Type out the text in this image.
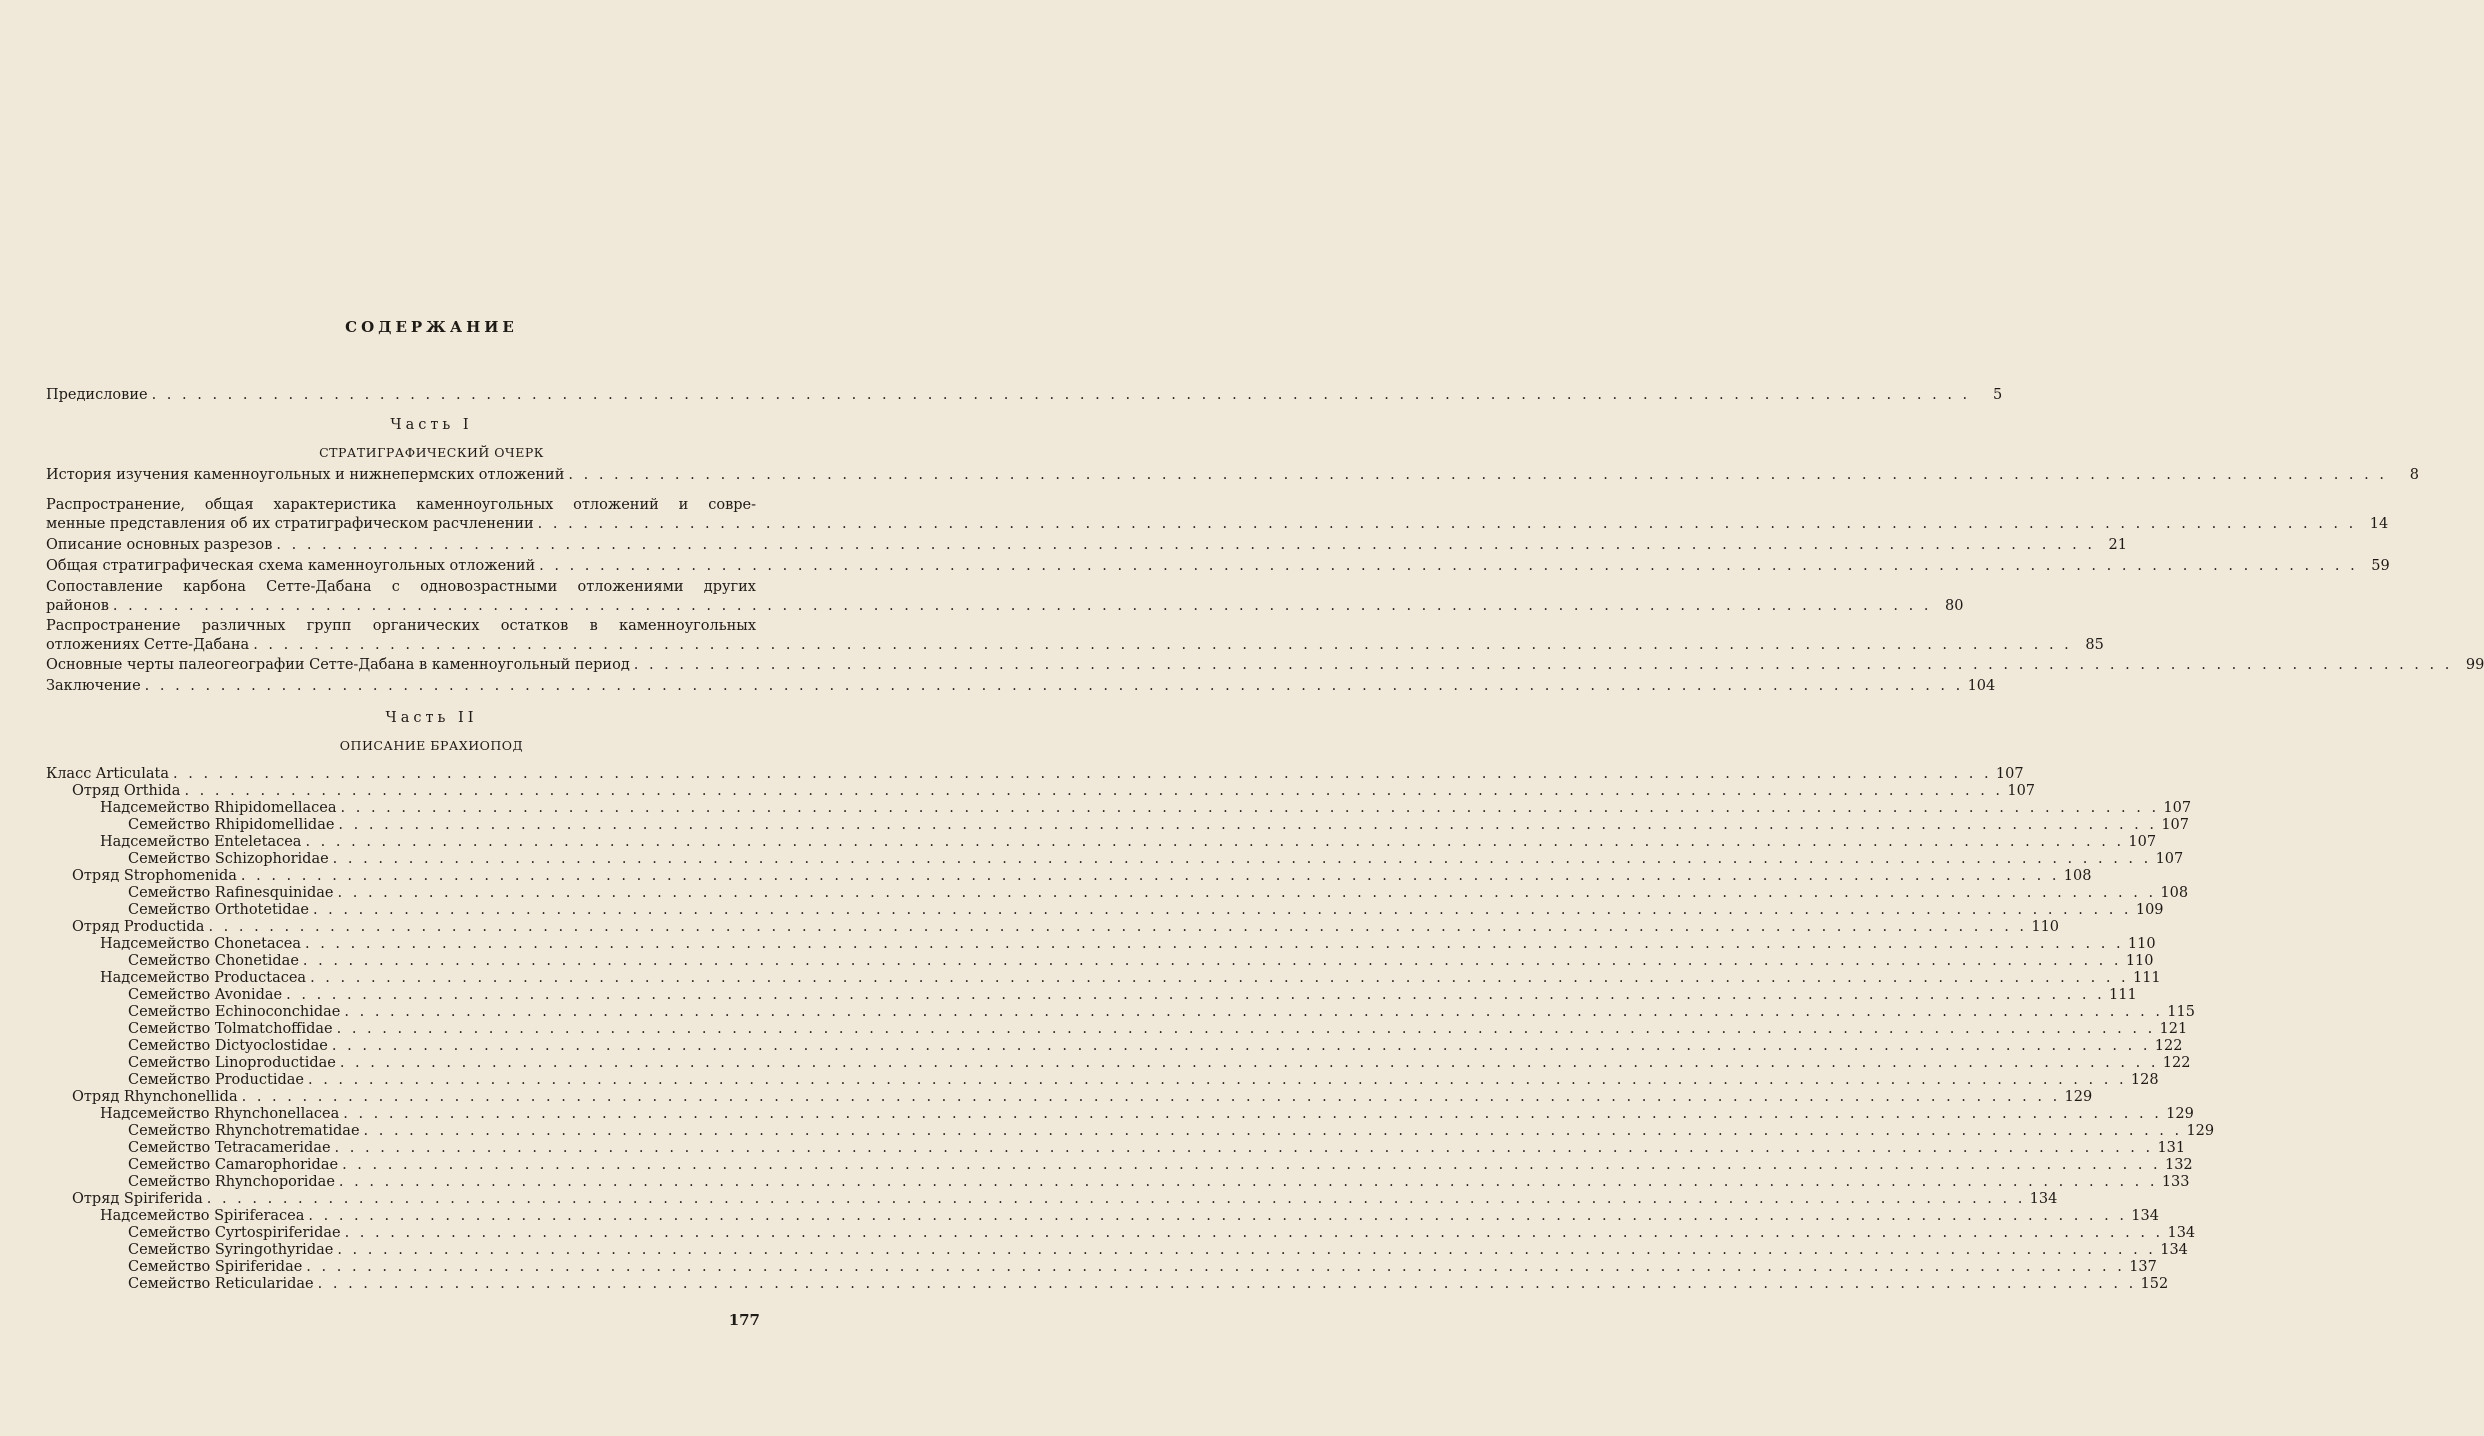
СОДЕРЖАНИЕ
Предисловие . . . . . . . . . . . . . . . . . . . . . . . . . . . . . . . . . . . . . . . . . . . . . . . . . . . . . . . . . . . . . . . . . . . . . . . . . . . . . . . . . . . . . . . . . . . . . . . . . . . . . . . . . . . . . . . . . . . . . . . .	5
Часть I
СТРАТИГРАФИЧЕСКИЙ ОЧЕРК
История изучения каменноугольных и нижнепермских отложений . . . . . . . . . . . . . . . . . . . . . . . . . . . . . . . . . . . . . . . . . . . . . . . . . . . . . . . . . . . . . . . . . . . . . . . . . . . . . . . . . . . . . . . . . . . . . . . . . . . . . . . . . . . . . . . . . . . . . . . .	8
Распространение, общая характеристика каменноугольных отложений и совре-
менные представления об их стратиграфическом расчленении . . . . . . . . . . . . . . . . . . . . . . . . . . . . . . . . . . . . . . . . . . . . . . . . . . . . . . . . . . . . . . . . . . . . . . . . . . . . . . . . . . . . . . . . . . . . . . . . . . . . . . . . . . . . . . . . . . . . . . . . 14
Описание основных разрезов . . . . . . . . . . . . . . . . . . . . . . . . . . . . . . . . . . . . . . . . . . . . . . . . . . . . . . . . . . . . . . . . . . . . . . . . . . . . . . . . . . . . . . . . . . . . . . . . . . . . . . . . . . . . . . . . . . . . . . . . 21
Общая стратиграфическая схема каменноугольных отложений . . . . . . . . . . . . . . . . . . . . . . . . . . . . . . . . . . . . . . . . . . . . . . . . . . . . . . . . . . . . . . . . . . . . . . . . . . . . . . . . . . . . . . . . . . . . . . . . . . . . . . . . . . . . . . . . . . . . . . . . 59
Сопоставление карбона Сетте-Дабана с одновозрастными отложениями других
районов . . . . . . . . . . . . . . . . . . . . . . . . . . . . . . . . . . . . . . . . . . . . . . . . . . . . . . . . . . . . . . . . . . . . . . . . . . . . . . . . . . . . . . . . . . . . . . . . . . . . . . . . . . . . . . . . . . . . . . . . 80
Распространение различных групп органических остатков в каменноугольных
отложениях Сетте-Дабана . . . . . . . . . . . . . . . . . . . . . . . . . . . . . . . . . . . . . . . . . . . . . . . . . . . . . . . . . . . . . . . . . . . . . . . . . . . . . . . . . . . . . . . . . . . . . . . . . . . . . . . . . . . . . . . . . . . . . . . . 85
Основные черты палеогеографии Сетте-Дабана в каменноугольный период . . . . . . . . . . . . . . . . . . . . . . . . . . . . . . . . . . . . . . . . . . . . . . . . . . . . . . . . . . . . . . . . . . . . . . . . . . . . . . . . . . . . . . . . . . . . . . . . . . . . . . . . . . . . . . . . . . . . . . . . 99
Заключение . . . . . . . . . . . . . . . . . . . . . . . . . . . . . . . . . . . . . . . . . . . . . . . . . . . . . . . . . . . . . . . . . . . . . . . . . . . . . . . . . . . . . . . . . . . . . . . . . . . . . . . . . . . . . . . . . . . . . . . . 104
Часть II
ОПИСАНИЕ БРАХИОПОД
Класс Articulata . . . . . . . . . . . . . . . . . . . . . . . . . . . . . . . . . . . . . . . . . . . . . . . . . . . . . . . . . . . . . . . . . . . . . . . . . . . . . . . . . . . . . . . . . . . . . . . . . . . . . . . . . . . . . . . . . . . . . . . . 107
Отряд Orthida . . . . . . . . . . . . . . . . . . . . . . . . . . . . . . . . . . . . . . . . . . . . . . . . . . . . . . . . . . . . . . . . . . . . . . . . . . . . . . . . . . . . . . . . . . . . . . . . . . . . . . . . . . . . . . . . . . . . . . . . 107
Надсемейство Rhipidomellacea . . . . . . . . . . . . . . . . . . . . . . . . . . . . . . . . . . . . . . . . . . . . . . . . . . . . . . . . . . . . . . . . . . . . . . . . . . . . . . . . . . . . . . . . . . . . . . . . . . . . . . . . . . . . . . . . . . . . . . . . 107
Семейство Rhipidomellidae . . . . . . . . . . . . . . . . . . . . . . . . . . . . . . . . . . . . . . . . . . . . . . . . . . . . . . . . . . . . . . . . . . . . . . . . . . . . . . . . . . . . . . . . . . . . . . . . . . . . . . . . . . . . . . . . . . . . . . . . 107
Надсемейство Enteletacea . . . . . . . . . . . . . . . . . . . . . . . . . . . . . . . . . . . . . . . . . . . . . . . . . . . . . . . . . . . . . . . . . . . . . . . . . . . . . . . . . . . . . . . . . . . . . . . . . . . . . . . . . . . . . . . . . . . . . . . . 107
Семейство Schizophoridae . . . . . . . . . . . . . . . . . . . . . . . . . . . . . . . . . . . . . . . . . . . . . . . . . . . . . . . . . . . . . . . . . . . . . . . . . . . . . . . . . . . . . . . . . . . . . . . . . . . . . . . . . . . . . . . . . . . . . . . . 107
Отряд Strophomenida . . . . . . . . . . . . . . . . . . . . . . . . . . . . . . . . . . . . . . . . . . . . . . . . . . . . . . . . . . . . . . . . . . . . . . . . . . . . . . . . . . . . . . . . . . . . . . . . . . . . . . . . . . . . . . . . . . . . . . . . 108
Семейство Rafinesquinidae . . . . . . . . . . . . . . . . . . . . . . . . . . . . . . . . . . . . . . . . . . . . . . . . . . . . . . . . . . . . . . . . . . . . . . . . . . . . . . . . . . . . . . . . . . . . . . . . . . . . . . . . . . . . . . . . . . . . . . . . 108
Семейство Orthotetidae . . . . . . . . . . . . . . . . . . . . . . . . . . . . . . . . . . . . . . . . . . . . . . . . . . . . . . . . . . . . . . . . . . . . . . . . . . . . . . . . . . . . . . . . . . . . . . . . . . . . . . . . . . . . . . . . . . . . . . . . 109
Отряд Productida . . . . . . . . . . . . . . . . . . . . . . . . . . . . . . . . . . . . . . . . . . . . . . . . . . . . . . . . . . . . . . . . . . . . . . . . . . . . . . . . . . . . . . . . . . . . . . . . . . . . . . . . . . . . . . . . . . . . . . . . 110
Надсемейство Chonetacea . . . . . . . . . . . . . . . . . . . . . . . . . . . . . . . . . . . . . . . . . . . . . . . . . . . . . . . . . . . . . . . . . . . . . . . . . . . . . . . . . . . . . . . . . . . . . . . . . . . . . . . . . . . . . . . . . . . . . . . . 110
Семейство Chonetidae . . . . . . . . . . . . . . . . . . . . . . . . . . . . . . . . . . . . . . . . . . . . . . . . . . . . . . . . . . . . . . . . . . . . . . . . . . . . . . . . . . . . . . . . . . . . . . . . . . . . . . . . . . . . . . . . . . . . . . . . 110
Надсемейство Productacea . . . . . . . . . . . . . . . . . . . . . . . . . . . . . . . . . . . . . . . . . . . . . . . . . . . . . . . . . . . . . . . . . . . . . . . . . . . . . . . . . . . . . . . . . . . . . . . . . . . . . . . . . . . . . . . . . . . . . . . . 111
Семейство Avonidae . . . . . . . . . . . . . . . . . . . . . . . . . . . . . . . . . . . . . . . . . . . . . . . . . . . . . . . . . . . . . . . . . . . . . . . . . . . . . . . . . . . . . . . . . . . . . . . . . . . . . . . . . . . . . . . . . . . . . . . . 111
Семейство Echinoconchidae . . . . . . . . . . . . . . . . . . . . . . . . . . . . . . . . . . . . . . . . . . . . . . . . . . . . . . . . . . . . . . . . . . . . . . . . . . . . . . . . . . . . . . . . . . . . . . . . . . . . . . . . . . . . . . . . . . . . . . . . 115
Семейство Tolmatchoffidae . . . . . . . . . . . . . . . . . . . . . . . . . . . . . . . . . . . . . . . . . . . . . . . . . . . . . . . . . . . . . . . . . . . . . . . . . . . . . . . . . . . . . . . . . . . . . . . . . . . . . . . . . . . . . . . . . . . . . . . . 121
Семейство Dictyoclostidae . . . . . . . . . . . . . . . . . . . . . . . . . . . . . . . . . . . . . . . . . . . . . . . . . . . . . . . . . . . . . . . . . . . . . . . . . . . . . . . . . . . . . . . . . . . . . . . . . . . . . . . . . . . . . . . . . . . . . . . . 122
Семейство Linoproductidae . . . . . . . . . . . . . . . . . . . . . . . . . . . . . . . . . . . . . . . . . . . . . . . . . . . . . . . . . . . . . . . . . . . . . . . . . . . . . . . . . . . . . . . . . . . . . . . . . . . . . . . . . . . . . . . . . . . . . . . . 122
Семейство Productidae . . . . . . . . . . . . . . . . . . . . . . . . . . . . . . . . . . . . . . . . . . . . . . . . . . . . . . . . . . . . . . . . . . . . . . . . . . . . . . . . . . . . . . . . . . . . . . . . . . . . . . . . . . . . . . . . . . . . . . . . 128
Отряд Rhynchonellida . . . . . . . . . . . . . . . . . . . . . . . . . . . . . . . . . . . . . . . . . . . . . . . . . . . . . . . . . . . . . . . . . . . . . . . . . . . . . . . . . . . . . . . . . . . . . . . . . . . . . . . . . . . . . . . . . . . . . . . . 129
Надсемейство Rhynchonellacea . . . . . . . . . . . . . . . . . . . . . . . . . . . . . . . . . . . . . . . . . . . . . . . . . . . . . . . . . . . . . . . . . . . . . . . . . . . . . . . . . . . . . . . . . . . . . . . . . . . . . . . . . . . . . . . . . . . . . . . . 129
Семейство Rhynchotrematidae . . . . . . . . . . . . . . . . . . . . . . . . . . . . . . . . . . . . . . . . . . . . . . . . . . . . . . . . . . . . . . . . . . . . . . . . . . . . . . . . . . . . . . . . . . . . . . . . . . . . . . . . . . . . . . . . . . . . . . . . 129
Семейство Tetracameridae . . . . . . . . . . . . . . . . . . . . . . . . . . . . . . . . . . . . . . . . . . . . . . . . . . . . . . . . . . . . . . . . . . . . . . . . . . . . . . . . . . . . . . . . . . . . . . . . . . . . . . . . . . . . . . . . . . . . . . . . 131
Семейство Camarophoridae . . . . . . . . . . . . . . . . . . . . . . . . . . . . . . . . . . . . . . . . . . . . . . . . . . . . . . . . . . . . . . . . . . . . . . . . . . . . . . . . . . . . . . . . . . . . . . . . . . . . . . . . . . . . . . . . . . . . . . . . 132
Семейство Rhynchoporidae . . . . . . . . . . . . . . . . . . . . . . . . . . . . . . . . . . . . . . . . . . . . . . . . . . . . . . . . . . . . . . . . . . . . . . . . . . . . . . . . . . . . . . . . . . . . . . . . . . . . . . . . . . . . . . . . . . . . . . . . 133
Отряд Spiriferida . . . . . . . . . . . . . . . . . . . . . . . . . . . . . . . . . . . . . . . . . . . . . . . . . . . . . . . . . . . . . . . . . . . . . . . . . . . . . . . . . . . . . . . . . . . . . . . . . . . . . . . . . . . . . . . . . . . . . . . . 134
Надсемейство Spiriferacea . . . . . . . . . . . . . . . . . . . . . . . . . . . . . . . . . . . . . . . . . . . . . . . . . . . . . . . . . . . . . . . . . . . . . . . . . . . . . . . . . . . . . . . . . . . . . . . . . . . . . . . . . . . . . . . . . . . . . . . . 134
Семейство Cyrtospiriferidae . . . . . . . . . . . . . . . . . . . . . . . . . . . . . . . . . . . . . . . . . . . . . . . . . . . . . . . . . . . . . . . . . . . . . . . . . . . . . . . . . . . . . . . . . . . . . . . . . . . . . . . . . . . . . . . . . . . . . . . . 134
Семейство Syringothyridae . . . . . . . . . . . . . . . . . . . . . . . . . . . . . . . . . . . . . . . . . . . . . . . . . . . . . . . . . . . . . . . . . . . . . . . . . . . . . . . . . . . . . . . . . . . . . . . . . . . . . . . . . . . . . . . . . . . . . . . . 134
Семейство Spiriferidae . . . . . . . . . . . . . . . . . . . . . . . . . . . . . . . . . . . . . . . . . . . . . . . . . . . . . . . . . . . . . . . . . . . . . . . . . . . . . . . . . . . . . . . . . . . . . . . . . . . . . . . . . . . . . . . . . . . . . . . . 137
Семейство Reticularidae . . . . . . . . . . . . . . . . . . . . . . . . . . . . . . . . . . . . . . . . . . . . . . . . . . . . . . . . . . . . . . . . . . . . . . . . . . . . . . . . . . . . . . . . . . . . . . . . . . . . . . . . . . . . . . . . . . . . . . . . 152
177
